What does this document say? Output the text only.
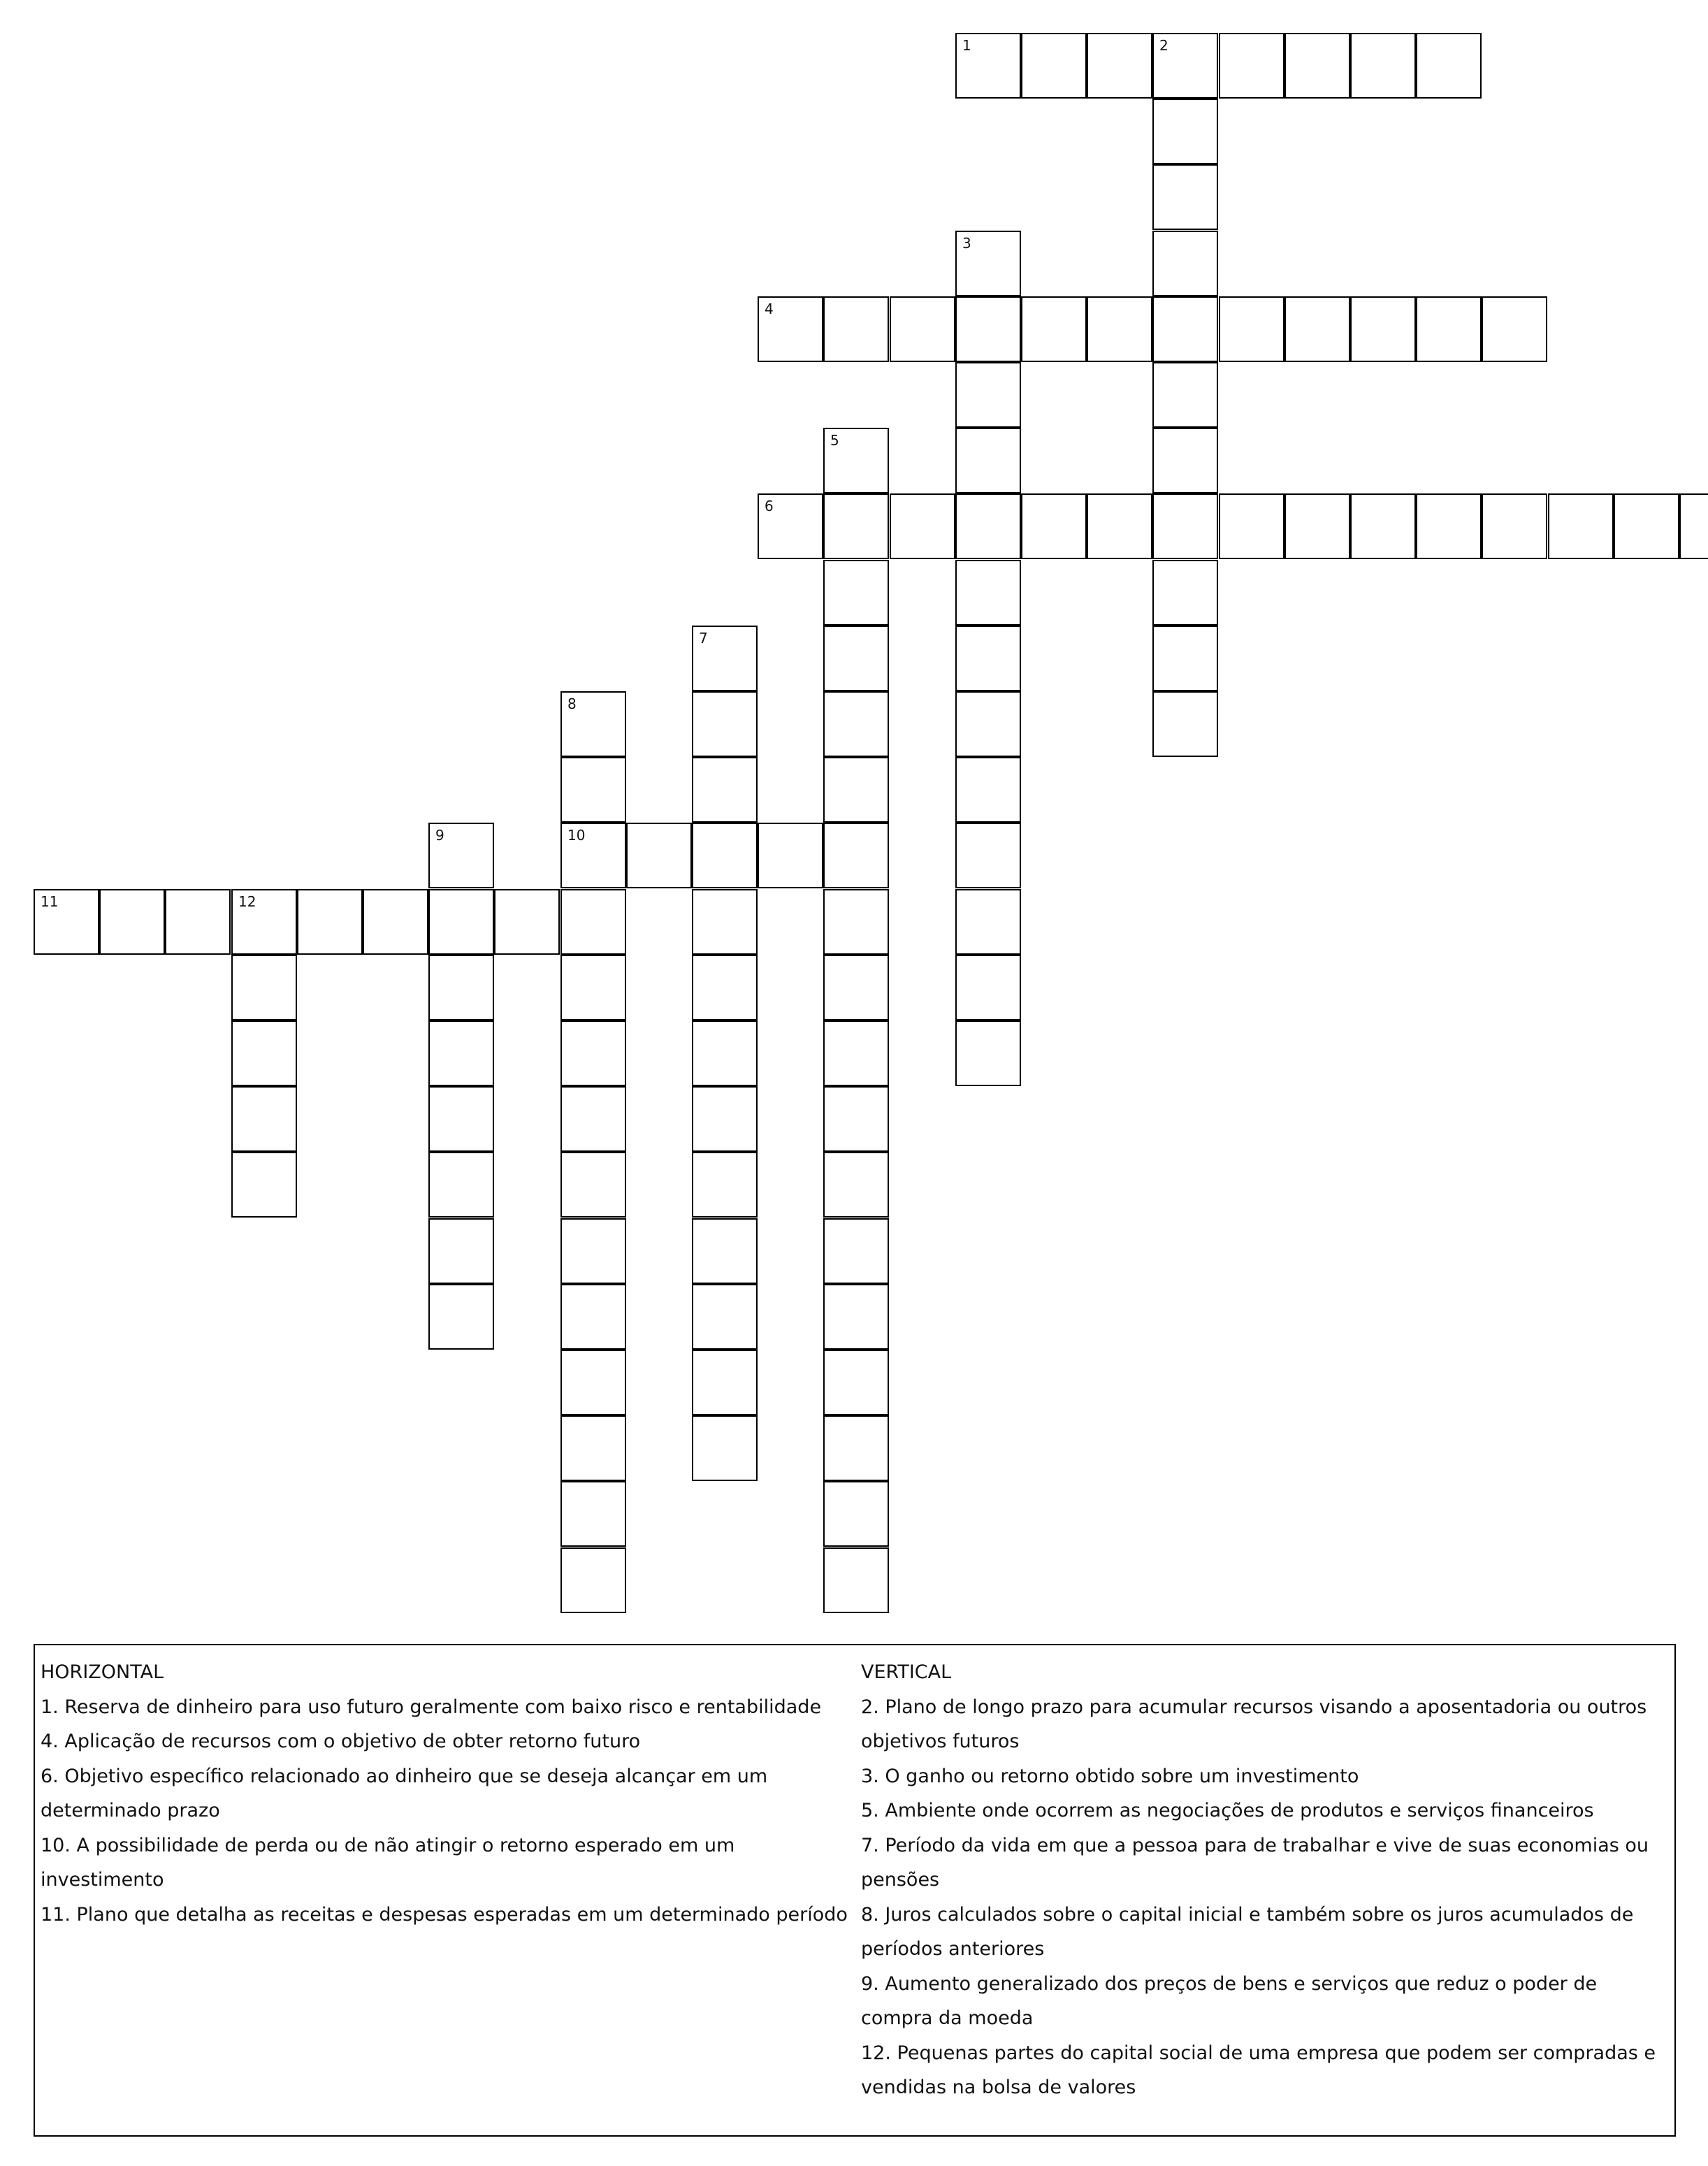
1	2
3
4
5
6
7
8
10
9
11	12
HORIZONTAL
1. Reserva de dinheiro para uso futuro geralmente com baixo risco e rentabilidade
4. Aplicação de recursos com o objetivo de obter retorno futuro
6. Objetivo específico relacionado ao dinheiro que se deseja alcançar em um determinado prazo
10. A possibilidade de perda ou de não atingir o retorno esperado em um investimento
11. Plano que detalha as receitas e despesas esperadas em um determinado período
VERTICAL
2. Plano de longo prazo para acumular recursos visando a aposentadoria ou outros objetivos futuros
3. O ganho ou retorno obtido sobre um investimento
5. Ambiente onde ocorrem as negociações de produtos e serviços financeiros
7. Período da vida em que a pessoa para de trabalhar e vive de suas economias ou pensões
8. Juros calculados sobre o capital inicial e também sobre os juros acumulados de períodos anteriores
9. Aumento generalizado dos preços de bens e serviços que reduz o poder de compra da moeda
12. Pequenas partes do capital social de uma empresa que podem ser compradas e vendidas na bolsa de valores
